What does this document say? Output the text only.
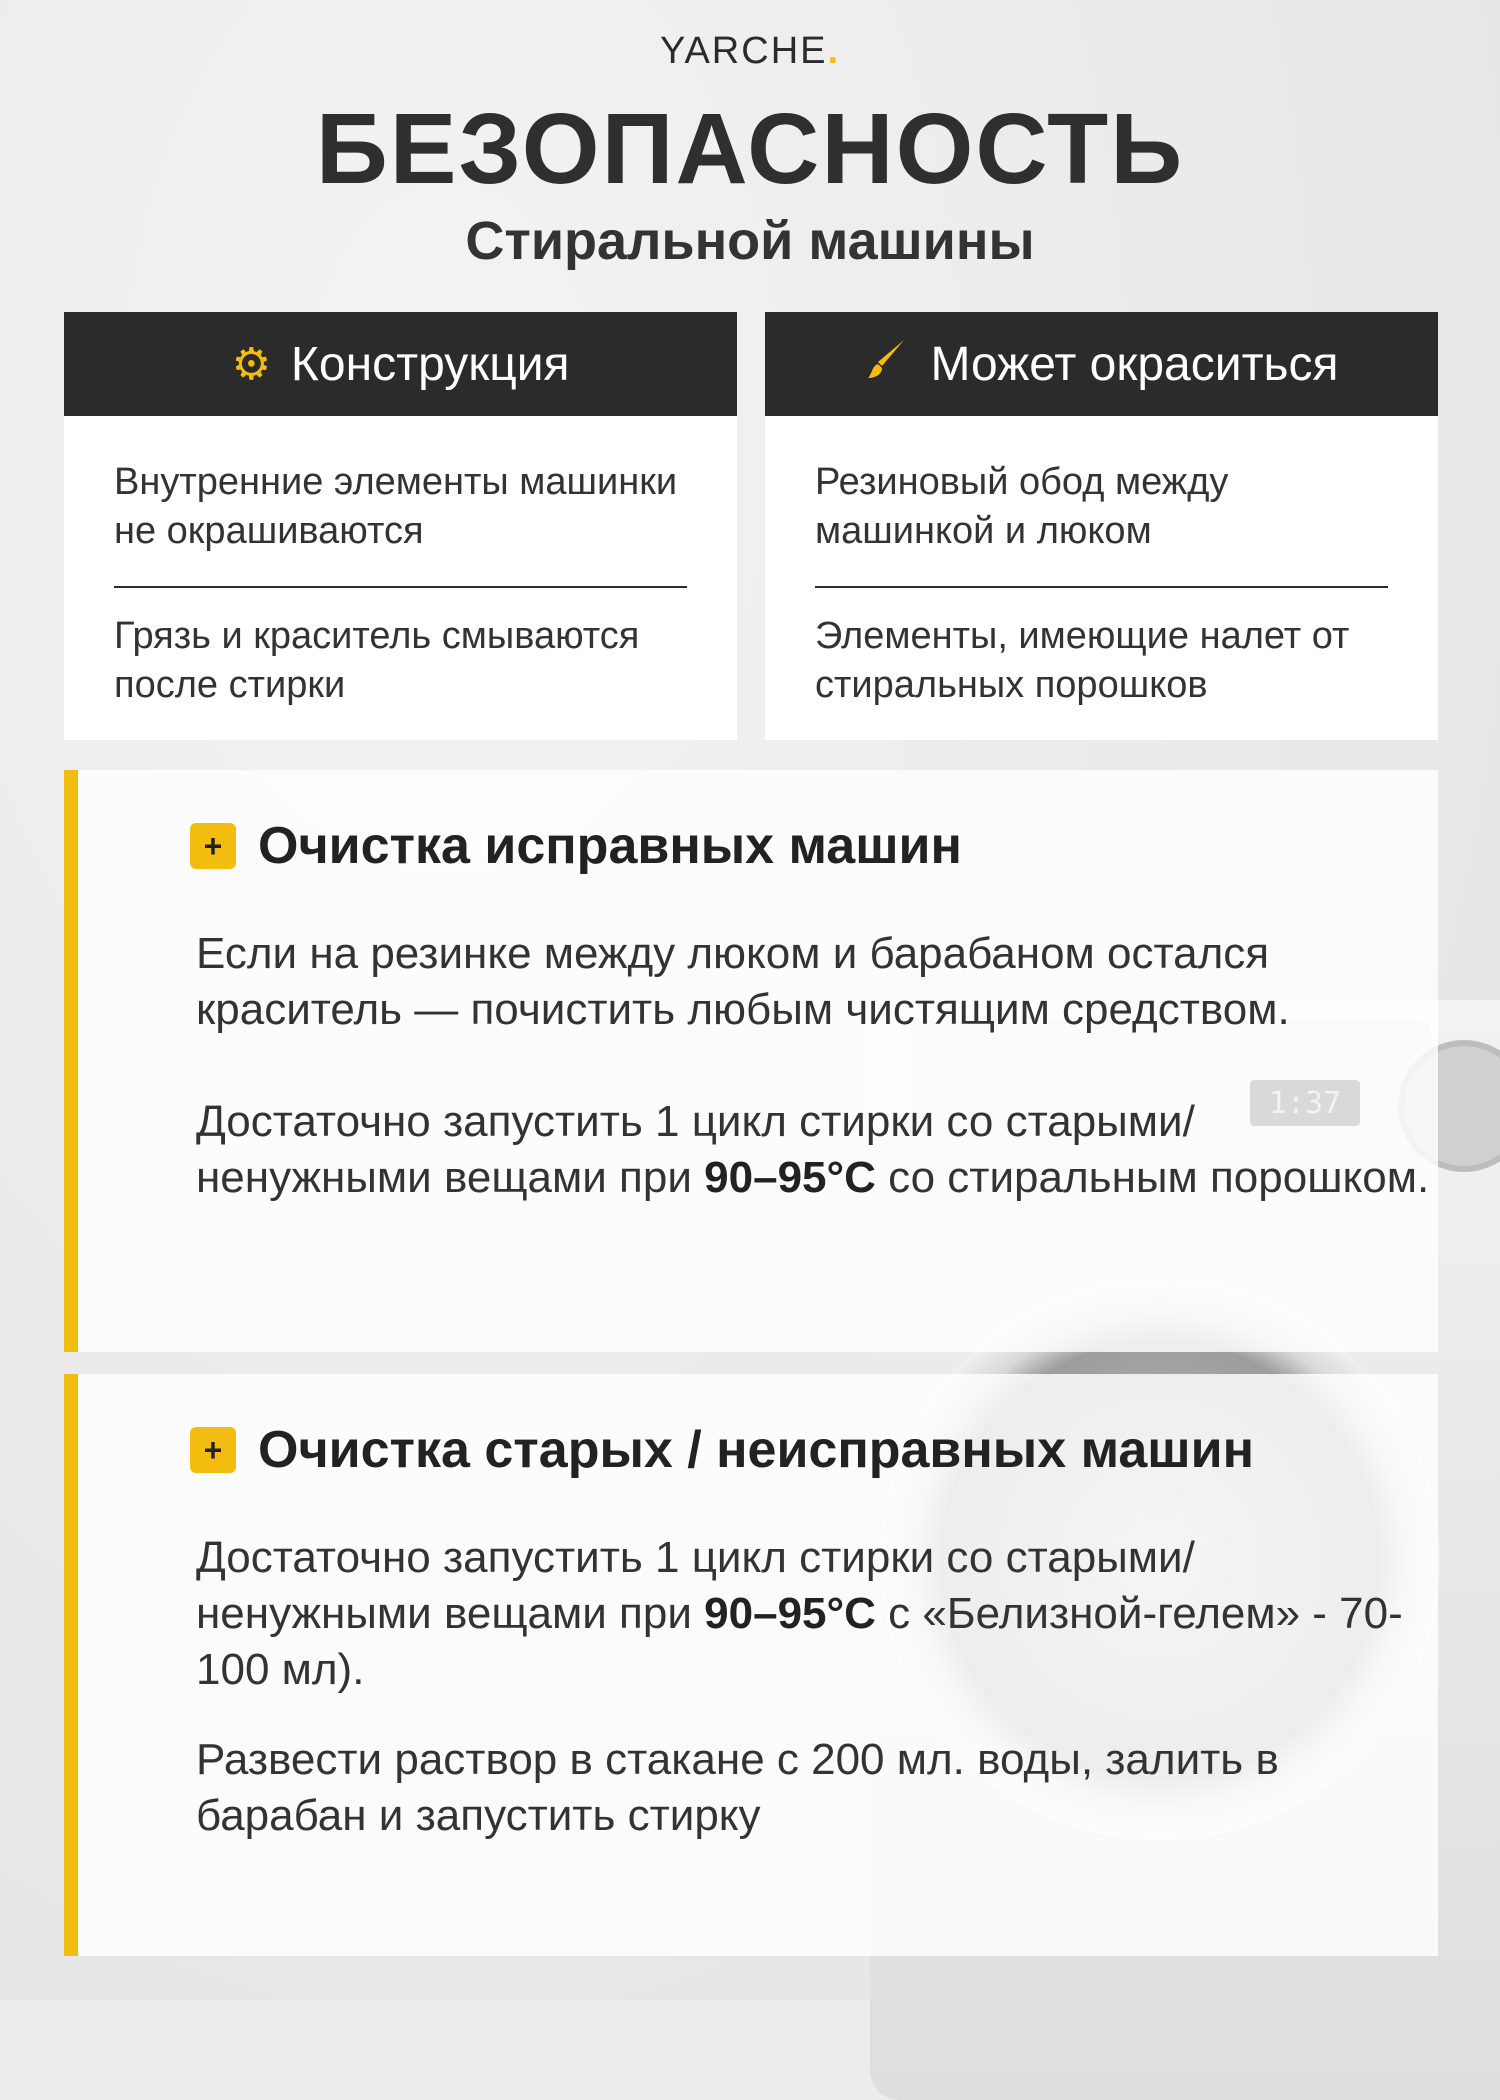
YARCHE.
БЕЗОПАСНОСТЬ
Стиральной машины
⚙ Конструкция
Внутренние элементы машинки не окрашиваются
Грязь и краситель смываются после стирки
Может окраситься
Резиновый обод между машинкой и люком
Элементы, имеющие налет от стиральных порошков
+ Очистка исправных машин
Если на резинке между люком и барабаном остался краситель — почистить любым чистящим средством.
Достаточно запустить 1 цикл стирки со старыми/ ненужными вещами при 90–95°С со стиральным порошком.
+ Очистка старых / неисправных машин
Достаточно запустить 1 цикл стирки со старыми/ ненужными вещами при 90–95°С с «Белизной-гелем» - 70-100 мл).
Развести раствор в стакане с 200 мл. воды, залить в барабан и запустить стирку
